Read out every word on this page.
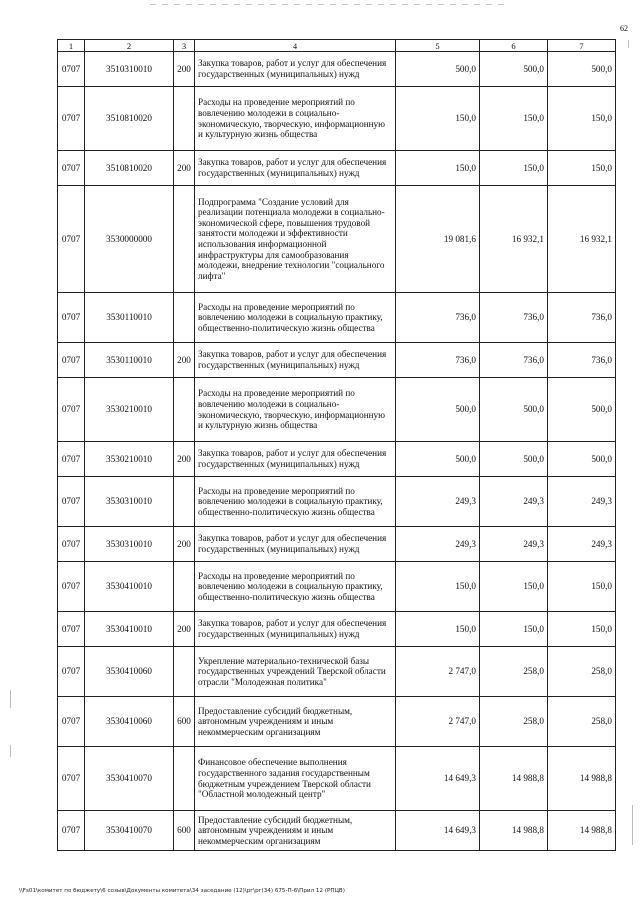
62
1	2	3	4	5	6	7
0707	3510310010	200	Закупка товаров, работ и услуг для обеспечения государственных (муниципальных) нужд	500,0	500,0	500,0
0707	3510810020		Расходы на проведение мероприятий по вовлечению молодежи в социально-экономическую, творческую, информационную и культурную жизнь общества	150,0	150,0	150,0
0707	3510810020	200	Закупка товаров, работ и услуг для обеспечения государственных (муниципальных) нужд	150,0	150,0	150,0
0707	3530000000		Подпрограмма "Создание условий для реализации потенциала молодежи в социально-экономической сфере, повышения трудовой занятости молодежи и эффективности использования информационной инфраструктуры для самообразования молодежи, внедрение технологии "социального лифта"	19 081,6	16 932,1	16 932,1
0707	3530110010		Расходы на проведение мероприятий по вовлечению молодежи в социальную практику, общественно-политическую жизнь общества	736,0	736,0	736,0
0707	3530110010	200	Закупка товаров, работ и услуг для обеспечения государственных (муниципальных) нужд	736,0	736,0	736,0
0707	3530210010		Расходы на проведение мероприятий по вовлечению молодежи в социально-экономическую, творческую, информационную и культурную жизнь общества	500,0	500,0	500,0
0707	3530210010	200	Закупка товаров, работ и услуг для обеспечения государственных (муниципальных) нужд	500,0	500,0	500,0
0707	3530310010		Расходы на проведение мероприятий по вовлечению молодежи в социальную практику, общественно-политическую жизнь общества	249,3	249,3	249,3
0707	3530310010	200	Закупка товаров, работ и услуг для обеспечения государственных (муниципальных) нужд	249,3	249,3	249,3
0707	3530410010		Расходы на проведение мероприятий по вовлечению молодежи в социальную практику, общественно-политическую жизнь общества	150,0	150,0	150,0
0707	3530410010	200	Закупка товаров, работ и услуг для обеспечения государственных (муниципальных) нужд	150,0	150,0	150,0
0707	3530410060		Укрепление материально-технической базы государственных учреждений Тверской области отрасли "Молодежная политика"	2 747,0	258,0	258,0
0707	3530410060	600	Предоставление субсидий бюджетным, автономным учреждениям и иным некоммерческим организациям	2 747,0	258,0	258,0
0707	3530410070		Финансовое обеспечение выполнения государственного задания государственным бюджетным учреждением Тверской области "Областной молодежный центр"	14 649,3	14 988,8	14 988,8
0707	3530410070	600	Предоставление субсидий бюджетным, автономным учреждениям и иным некоммерческим организациям	14 649,3	14 988,8	14 988,8
\\Fs01\комитет по бюджету\6 созыв\Документы комитета\34 заседание (12)\рг\рг(34) 675-П-6\Прил 12 (РПЦВ)
